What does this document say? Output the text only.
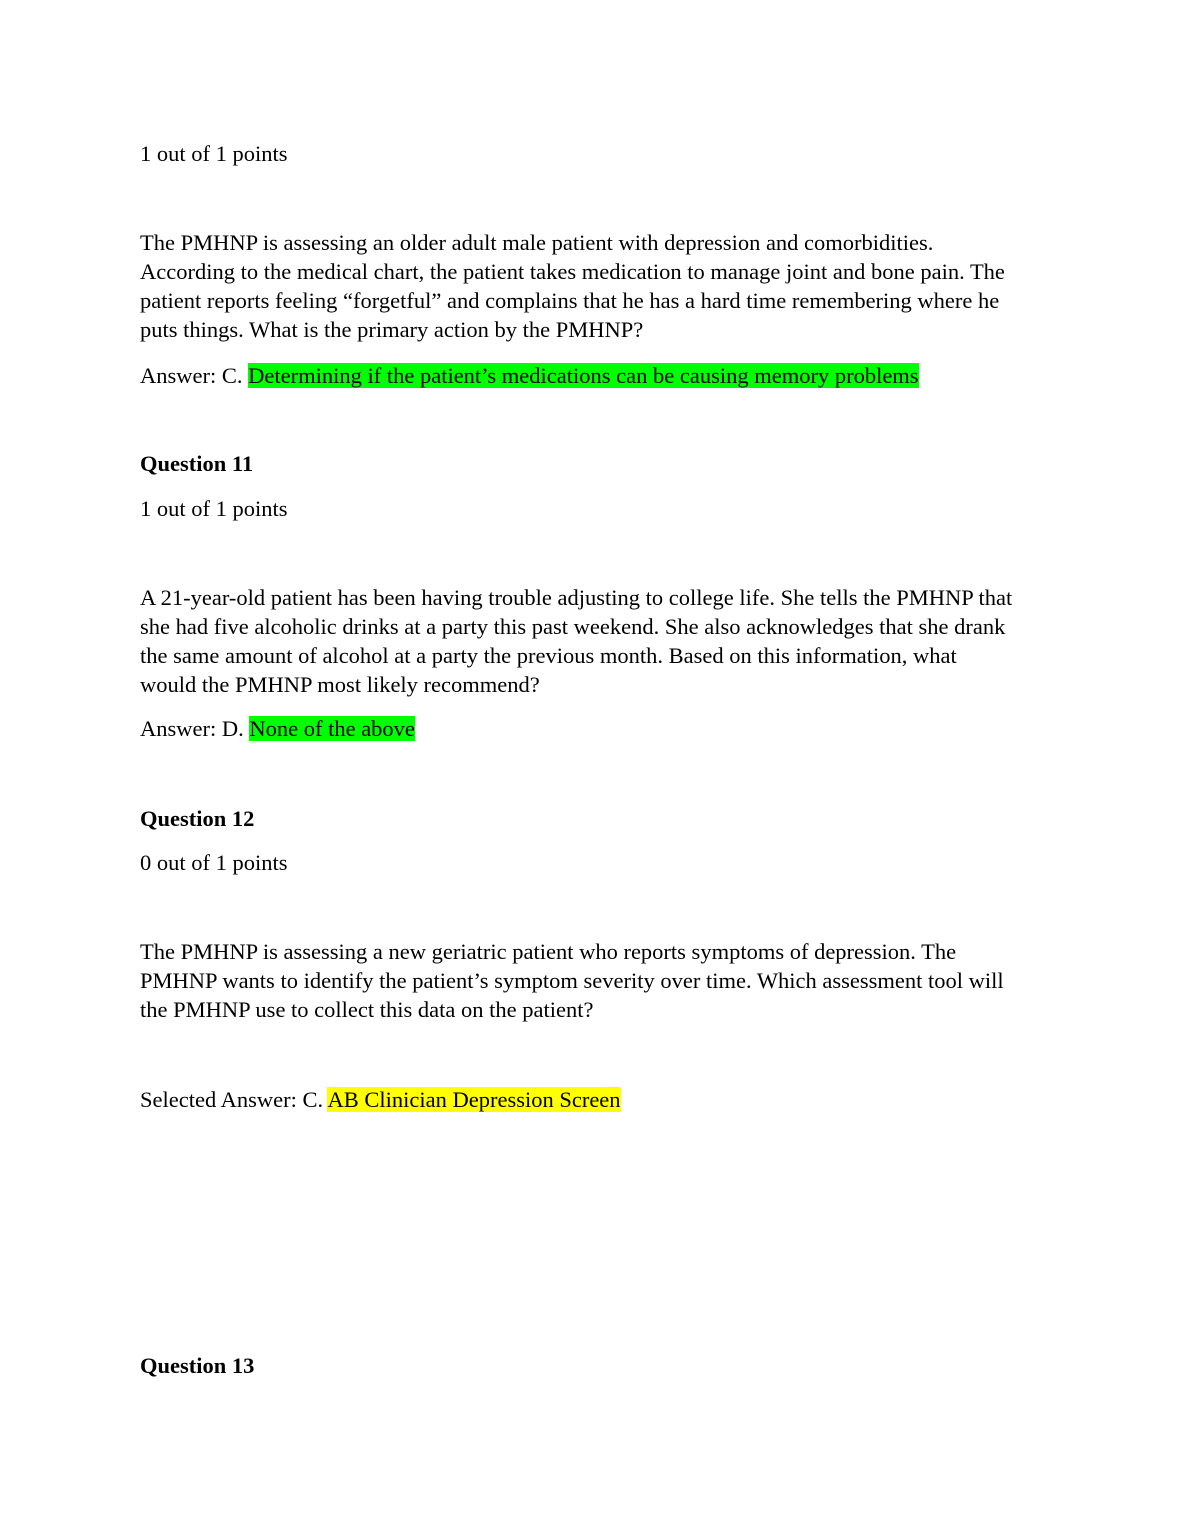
1 out of 1 points
The PMHNP is assessing an older adult male patient with depression and comorbidities.
According to the medical chart, the patient takes medication to manage joint and bone pain. The
patient reports feeling “forgetful” and complains that he has a hard time remembering where he
puts things. What is the primary action by the PMHNP?
Answer: C. Determining if the patient’s medications can be causing memory problems
Question 11
1 out of 1 points
A 21-year-old patient has been having trouble adjusting to college life. She tells the PMHNP that
she had five alcoholic drinks at a party this past weekend. She also acknowledges that she drank
the same amount of alcohol at a party the previous month. Based on this information, what
would the PMHNP most likely recommend?
Answer: D. None of the above
Question 12
0 out of 1 points
The PMHNP is assessing a new geriatric patient who reports symptoms of depression. The
PMHNP wants to identify the patient’s symptom severity over time. Which assessment tool will
the PMHNP use to collect this data on the patient?
Selected Answer: C. AB Clinician Depression Screen
Question 13
